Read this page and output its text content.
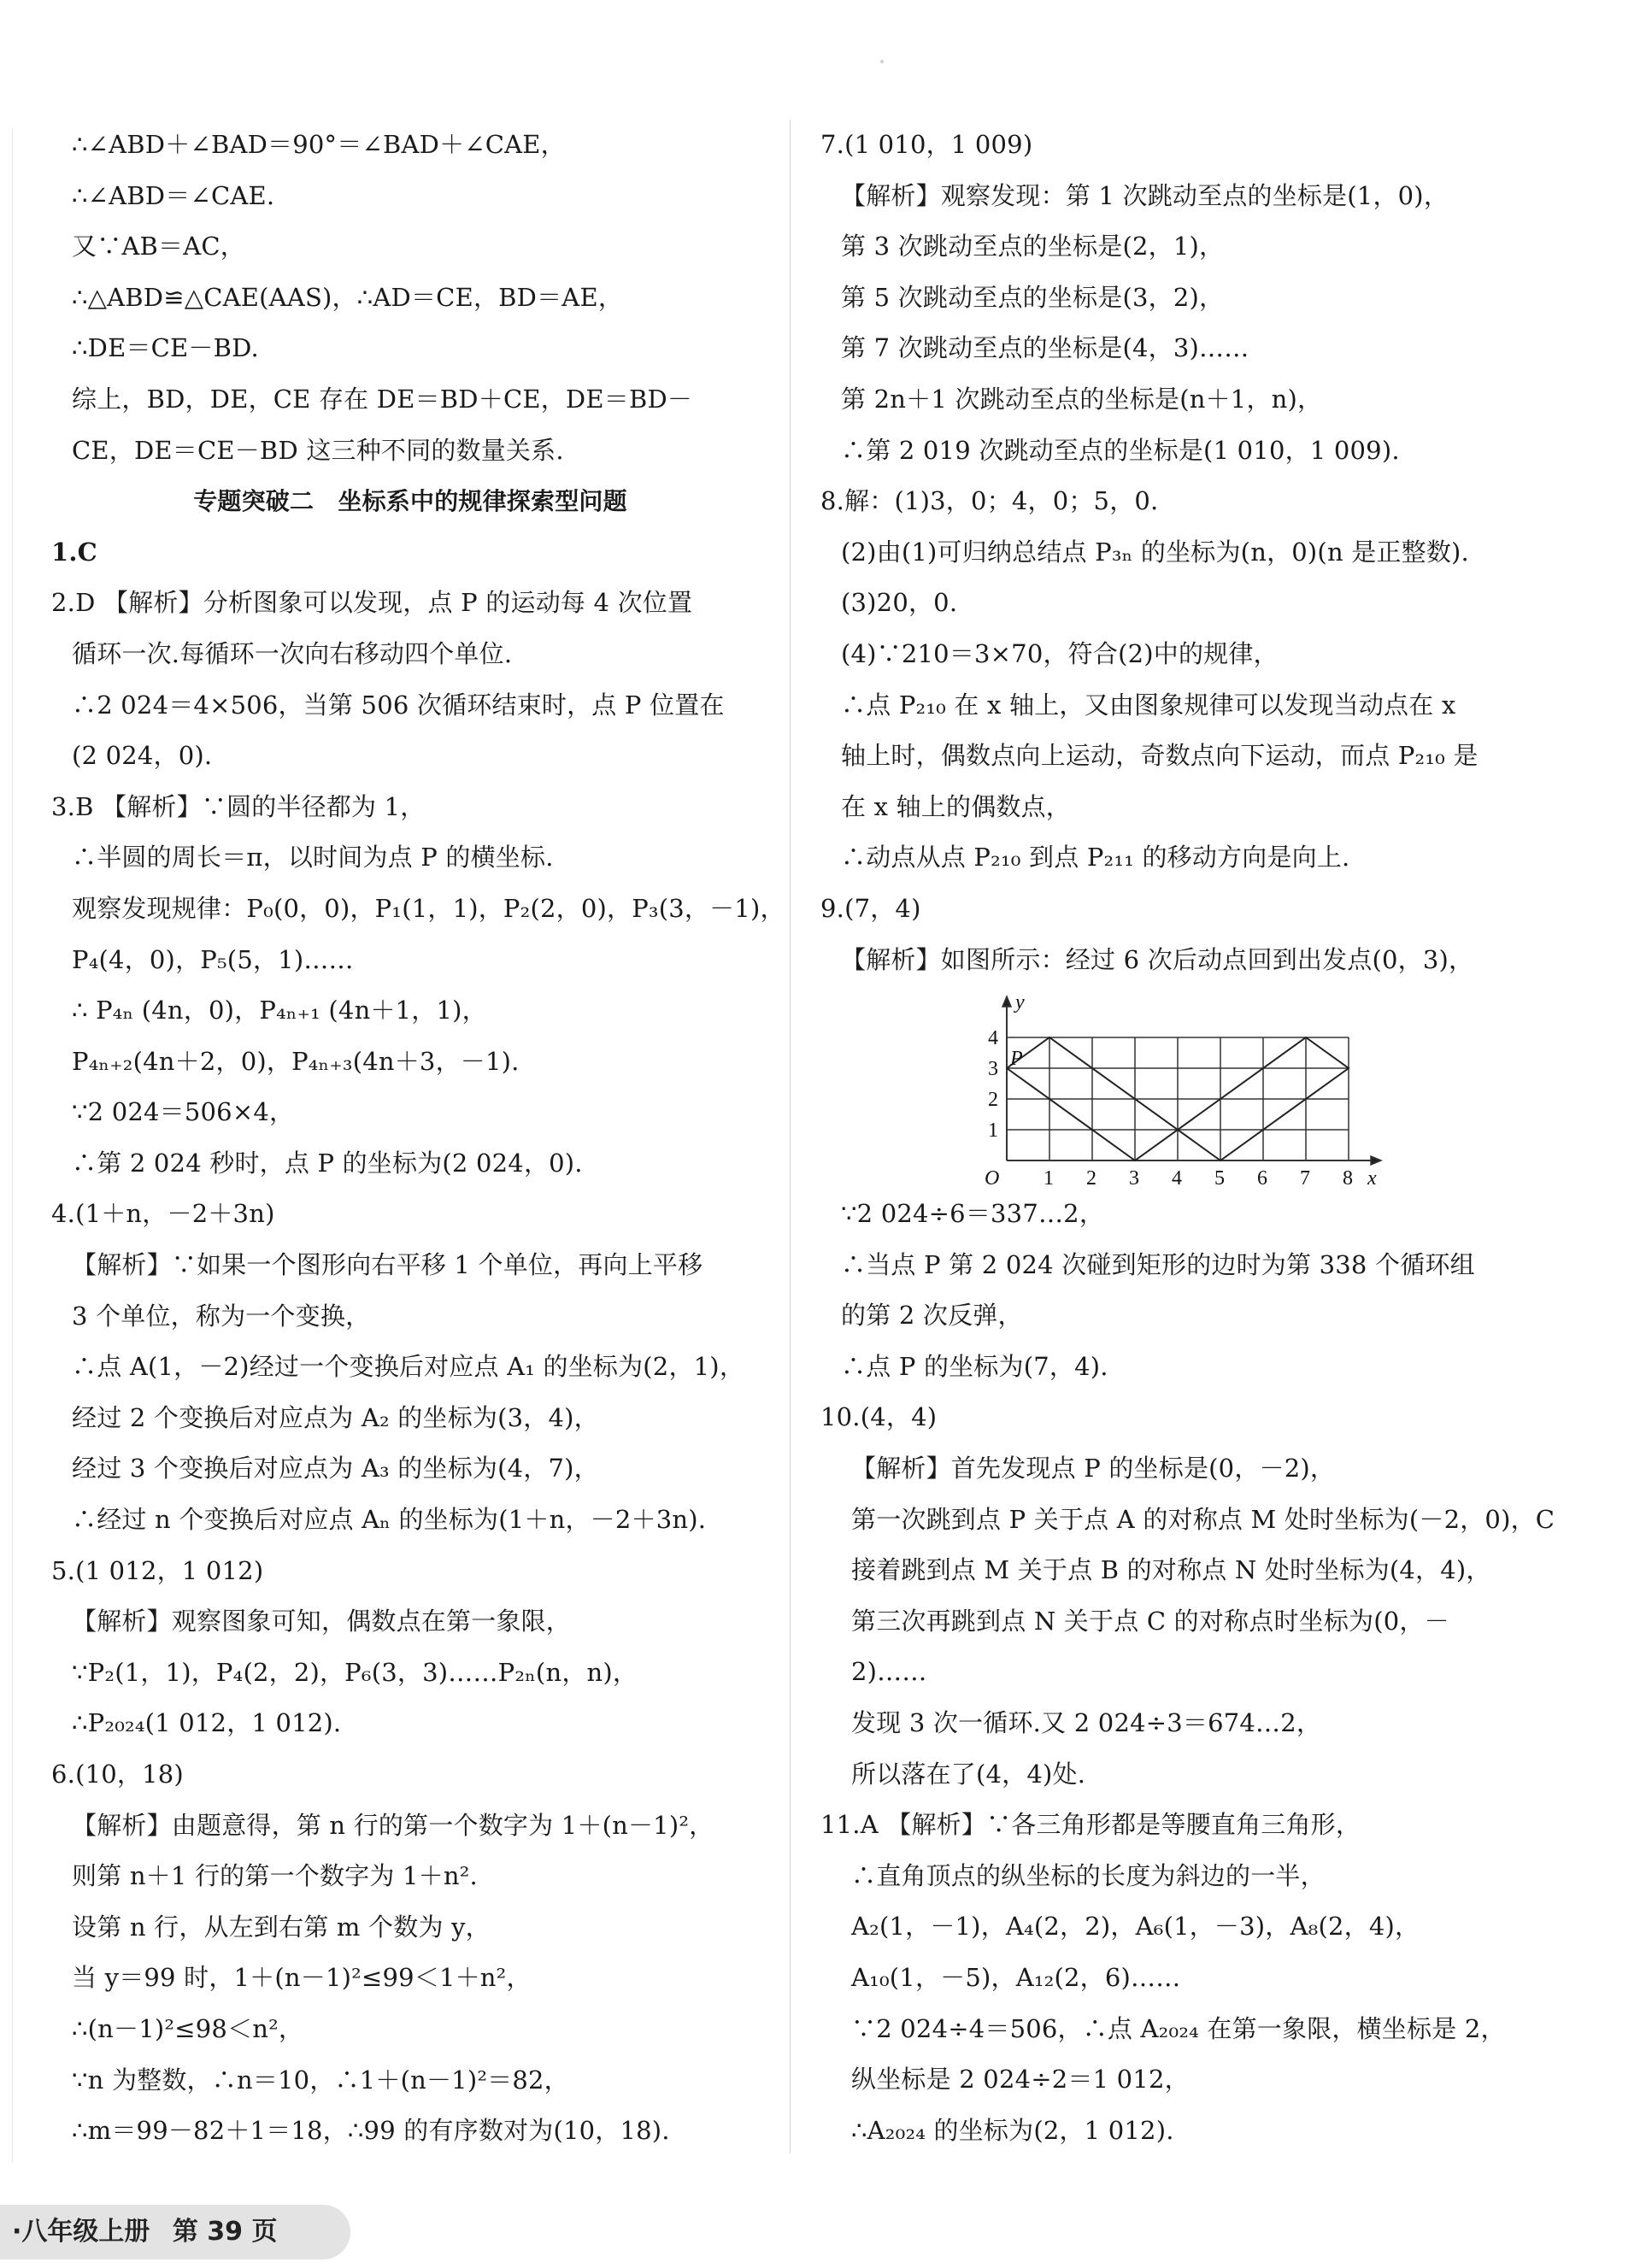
∴∠ABD＋∠BAD＝90°＝∠BAD＋∠CAE，
∴∠ABD＝∠CAE.
又∵AB＝AC，
∴△ABD≌△CAE(AAS)，∴AD＝CE，BD＝AE，
∴DE＝CE－BD.
综上，BD，DE，CE 存在 DE＝BD＋CE，DE＝BD－
CE，DE＝CE－BD 这三种不同的数量关系.
专题突破二　坐标系中的规律探索型问题
1.C
2.D 【解析】分析图象可以发现，点 P 的运动每 4 次位置
循环一次.每循环一次向右移动四个单位.
∴2 024＝4×506，当第 506 次循环结束时，点 P 位置在
(2 024，0).
3.B 【解析】∵圆的半径都为 1，
∴半圆的周长＝π，以时间为点 P 的横坐标.
观察发现规律：P₀(0，0)，P₁(1，1)，P₂(2，0)，P₃(3，－1)，
P₄(4，0)，P₅(5，1)……
∴ P₄ₙ (4n，0)，P₄ₙ₊₁ (4n＋1，1)，
P₄ₙ₊₂(4n＋2，0)，P₄ₙ₊₃(4n＋3，－1).
∵2 024＝506×4，
∴第 2 024 秒时，点 P 的坐标为(2 024，0).
4.(1＋n，－2＋3n)
【解析】∵如果一个图形向右平移 1 个单位，再向上平移
3 个单位，称为一个变换，
∴点 A(1，－2)经过一个变换后对应点 A₁ 的坐标为(2，1)，
经过 2 个变换后对应点为 A₂ 的坐标为(3，4)，
经过 3 个变换后对应点为 A₃ 的坐标为(4，7)，
∴经过 n 个变换后对应点 Aₙ 的坐标为(1＋n，－2＋3n).
5.(1 012，1 012)
【解析】观察图象可知，偶数点在第一象限，
∵P₂(1，1)，P₄(2，2)，P₆(3，3)……P₂ₙ(n，n)，
∴P₂₀₂₄(1 012，1 012).
6.(10，18)
【解析】由题意得，第 n 行的第一个数字为 1＋(n－1)²，
则第 n＋1 行的第一个数字为 1＋n².
设第 n 行，从左到右第 m 个数为 y，
当 y＝99 时，1＋(n－1)²≤99＜1＋n²，
∴(n－1)²≤98＜n²，
∵n 为整数，∴n＝10，∴1＋(n－1)²＝82，
∴m＝99－82＋1＝18，∴99 的有序数对为(10，18).
7.(1 010，1 009)
【解析】观察发现：第 1 次跳动至点的坐标是(1，0)，
第 3 次跳动至点的坐标是(2，1)，
第 5 次跳动至点的坐标是(3，2)，
第 7 次跳动至点的坐标是(4，3)……
第 2n＋1 次跳动至点的坐标是(n＋1，n)，
∴第 2 019 次跳动至点的坐标是(1 010，1 009).
8.解：(1)3，0；4，0；5，0.
(2)由(1)可归纳总结点 P₃ₙ 的坐标为(n，0)(n 是正整数).
(3)20，0.
(4)∵210＝3×70，符合(2)中的规律，
∴点 P₂₁₀ 在 x 轴上，又由图象规律可以发现当动点在 x
轴上时，偶数点向上运动，奇数点向下运动，而点 P₂₁₀ 是
在 x 轴上的偶数点，
∴动点从点 P₂₁₀ 到点 P₂₁₁ 的移动方向是向上.
9.(7，4)
【解析】如图所示：经过 6 次后动点回到出发点(0，3)，
∵2 024÷6＝337…2，
∴当点 P 第 2 024 次碰到矩形的边时为第 338 个循环组
的第 2 次反弹，
∴点 P 的坐标为(7，4).
10.(4，4)
【解析】首先发现点 P 的坐标是(0，－2)，
第一次跳到点 P 关于点 A 的对称点 M 处时坐标为(－2，0)，C
接着跳到点 M 关于点 B 的对称点 N 处时坐标为(4，4)，
第三次再跳到点 N 关于点 C 的对称点时坐标为(0，－
2)……
发现 3 次一循环.又 2 024÷3＝674…2，
所以落在了(4，4)处.
11.A 【解析】∵各三角形都是等腰直角三角形，
∴直角顶点的纵坐标的长度为斜边的一半，
A₂(1，－1)，A₄(2，2)，A₆(1，－3)，A₈(2，4)，
A₁₀(1，－5)，A₁₂(2，6)……
∵2 024÷4＝506，∴点 A₂₀₂₄ 在第一象限，横坐标是 2，
纵坐标是 2 024÷2＝1 012，
∴A₂₀₂₄ 的坐标为(2，1 012).
1 2 3 4 5 6 7 8
1
2
3
4
O	x
y
P
·八年级上册 第 39 页
